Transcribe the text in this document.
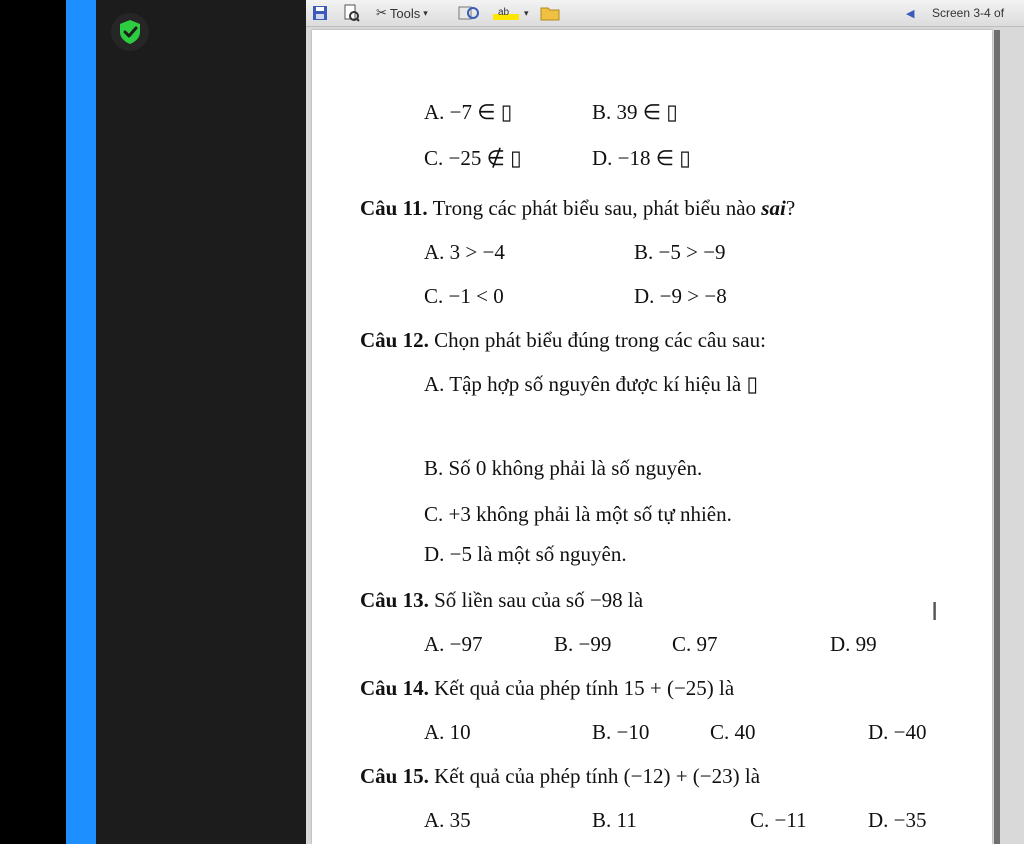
✂ Tools ▾	ab ▾	◀ Screen 3-4 of
A. −7 ∈ ▯	B. 39 ∈ ▯
C. −25 ∉ ▯	D. −18 ∈ ▯
Câu 11. Trong các phát biểu sau, phát biểu nào sai?
A. 3 > −4	B. −5 > −9
C. −1 < 0	D. −9 > −8
Câu 12. Chọn phát biểu đúng trong các câu sau:
A. Tập hợp số nguyên được kí hiệu là ▯
B. Số 0 không phải là số nguyên.
C. +3 không phải là một số tự nhiên.
D. −5 là một số nguyên.
Câu 13. Số liền sau của số −98 là
A. −97	B. −99	C. 97	D. 99
Câu 14. Kết quả của phép tính 15 + (−25) là
A. 10	B. −10	C. 40	D. −40
Câu 15. Kết quả của phép tính (−12) + (−23) là
A. 35	B. 11	C. −11	D. −35
I
